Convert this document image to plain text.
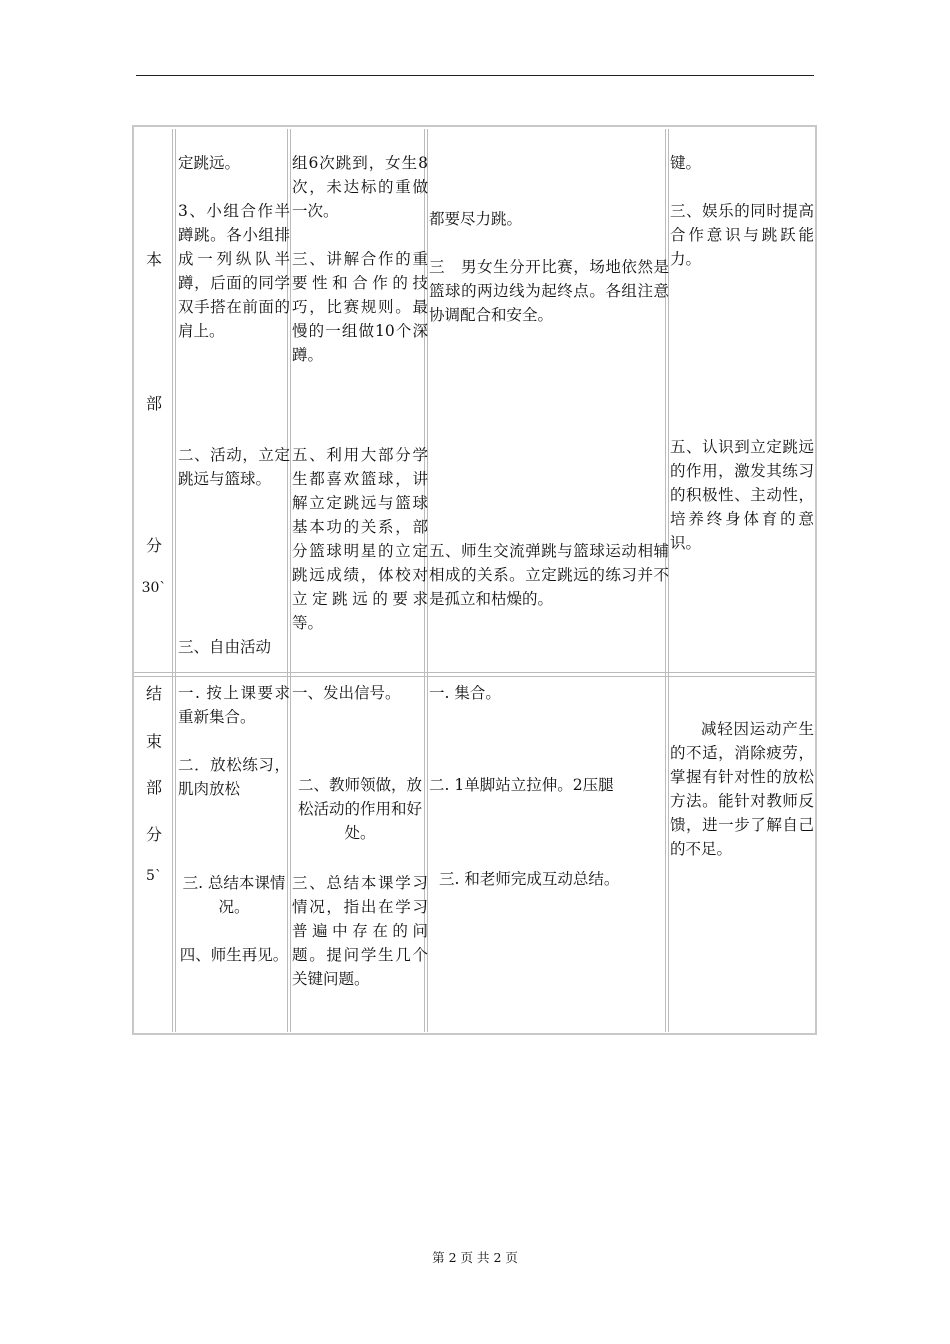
本
部
分
30`

定跳远。

3、小组合作半蹲跳。各小组排成一列纵队半蹲，后面的同学双手搭在前面的肩上。

二、活动，立定跳远与篮球。

三、自由活动

组6次跳到，女生8次，未达标的重做一次。

三、讲解合作的重要性和合作的技巧，比赛规则。最慢的一组做10个深蹲。

五、利用大部分学生都喜欢篮球，讲解立定跳远与篮球基本功的关系，部分篮球明星的立定跳远成绩，体校对立定跳远的要求等。

都要尽力跳。

三　男女生分开比赛，场地依然是篮球的两边线为起终点。各组注意协调配合和安全。

五、师生交流弹跳与篮球运动相辅相成的关系。立定跳远的练习并不是孤立和枯燥的。

键。

三、娱乐的同时提高合作意识与跳跃能力。

五、认识到立定跳远的作用，激发其练习的积极性、主动性，培养终身体育的意识。

结
束
部
分
5`

一. 按上课要求重新集合。

二．放松练习，肌肉放松

三. 总结本课情况。

四、师生再见。

一、发出信号。

二、教师领做，放松活动的作用和好处。

三、总结本课学习情况，指出在学习普遍中存在的问题。提问学生几个关键问题。

一. 集合。

二. 1单脚站立拉伸。2压腿

三. 和老师完成互动总结。

减轻因运动产生的不适，消除疲劳，掌握有针对性的放松方法。能针对教师反馈，进一步了解自己的不足。

第 2 页 共 2 页
